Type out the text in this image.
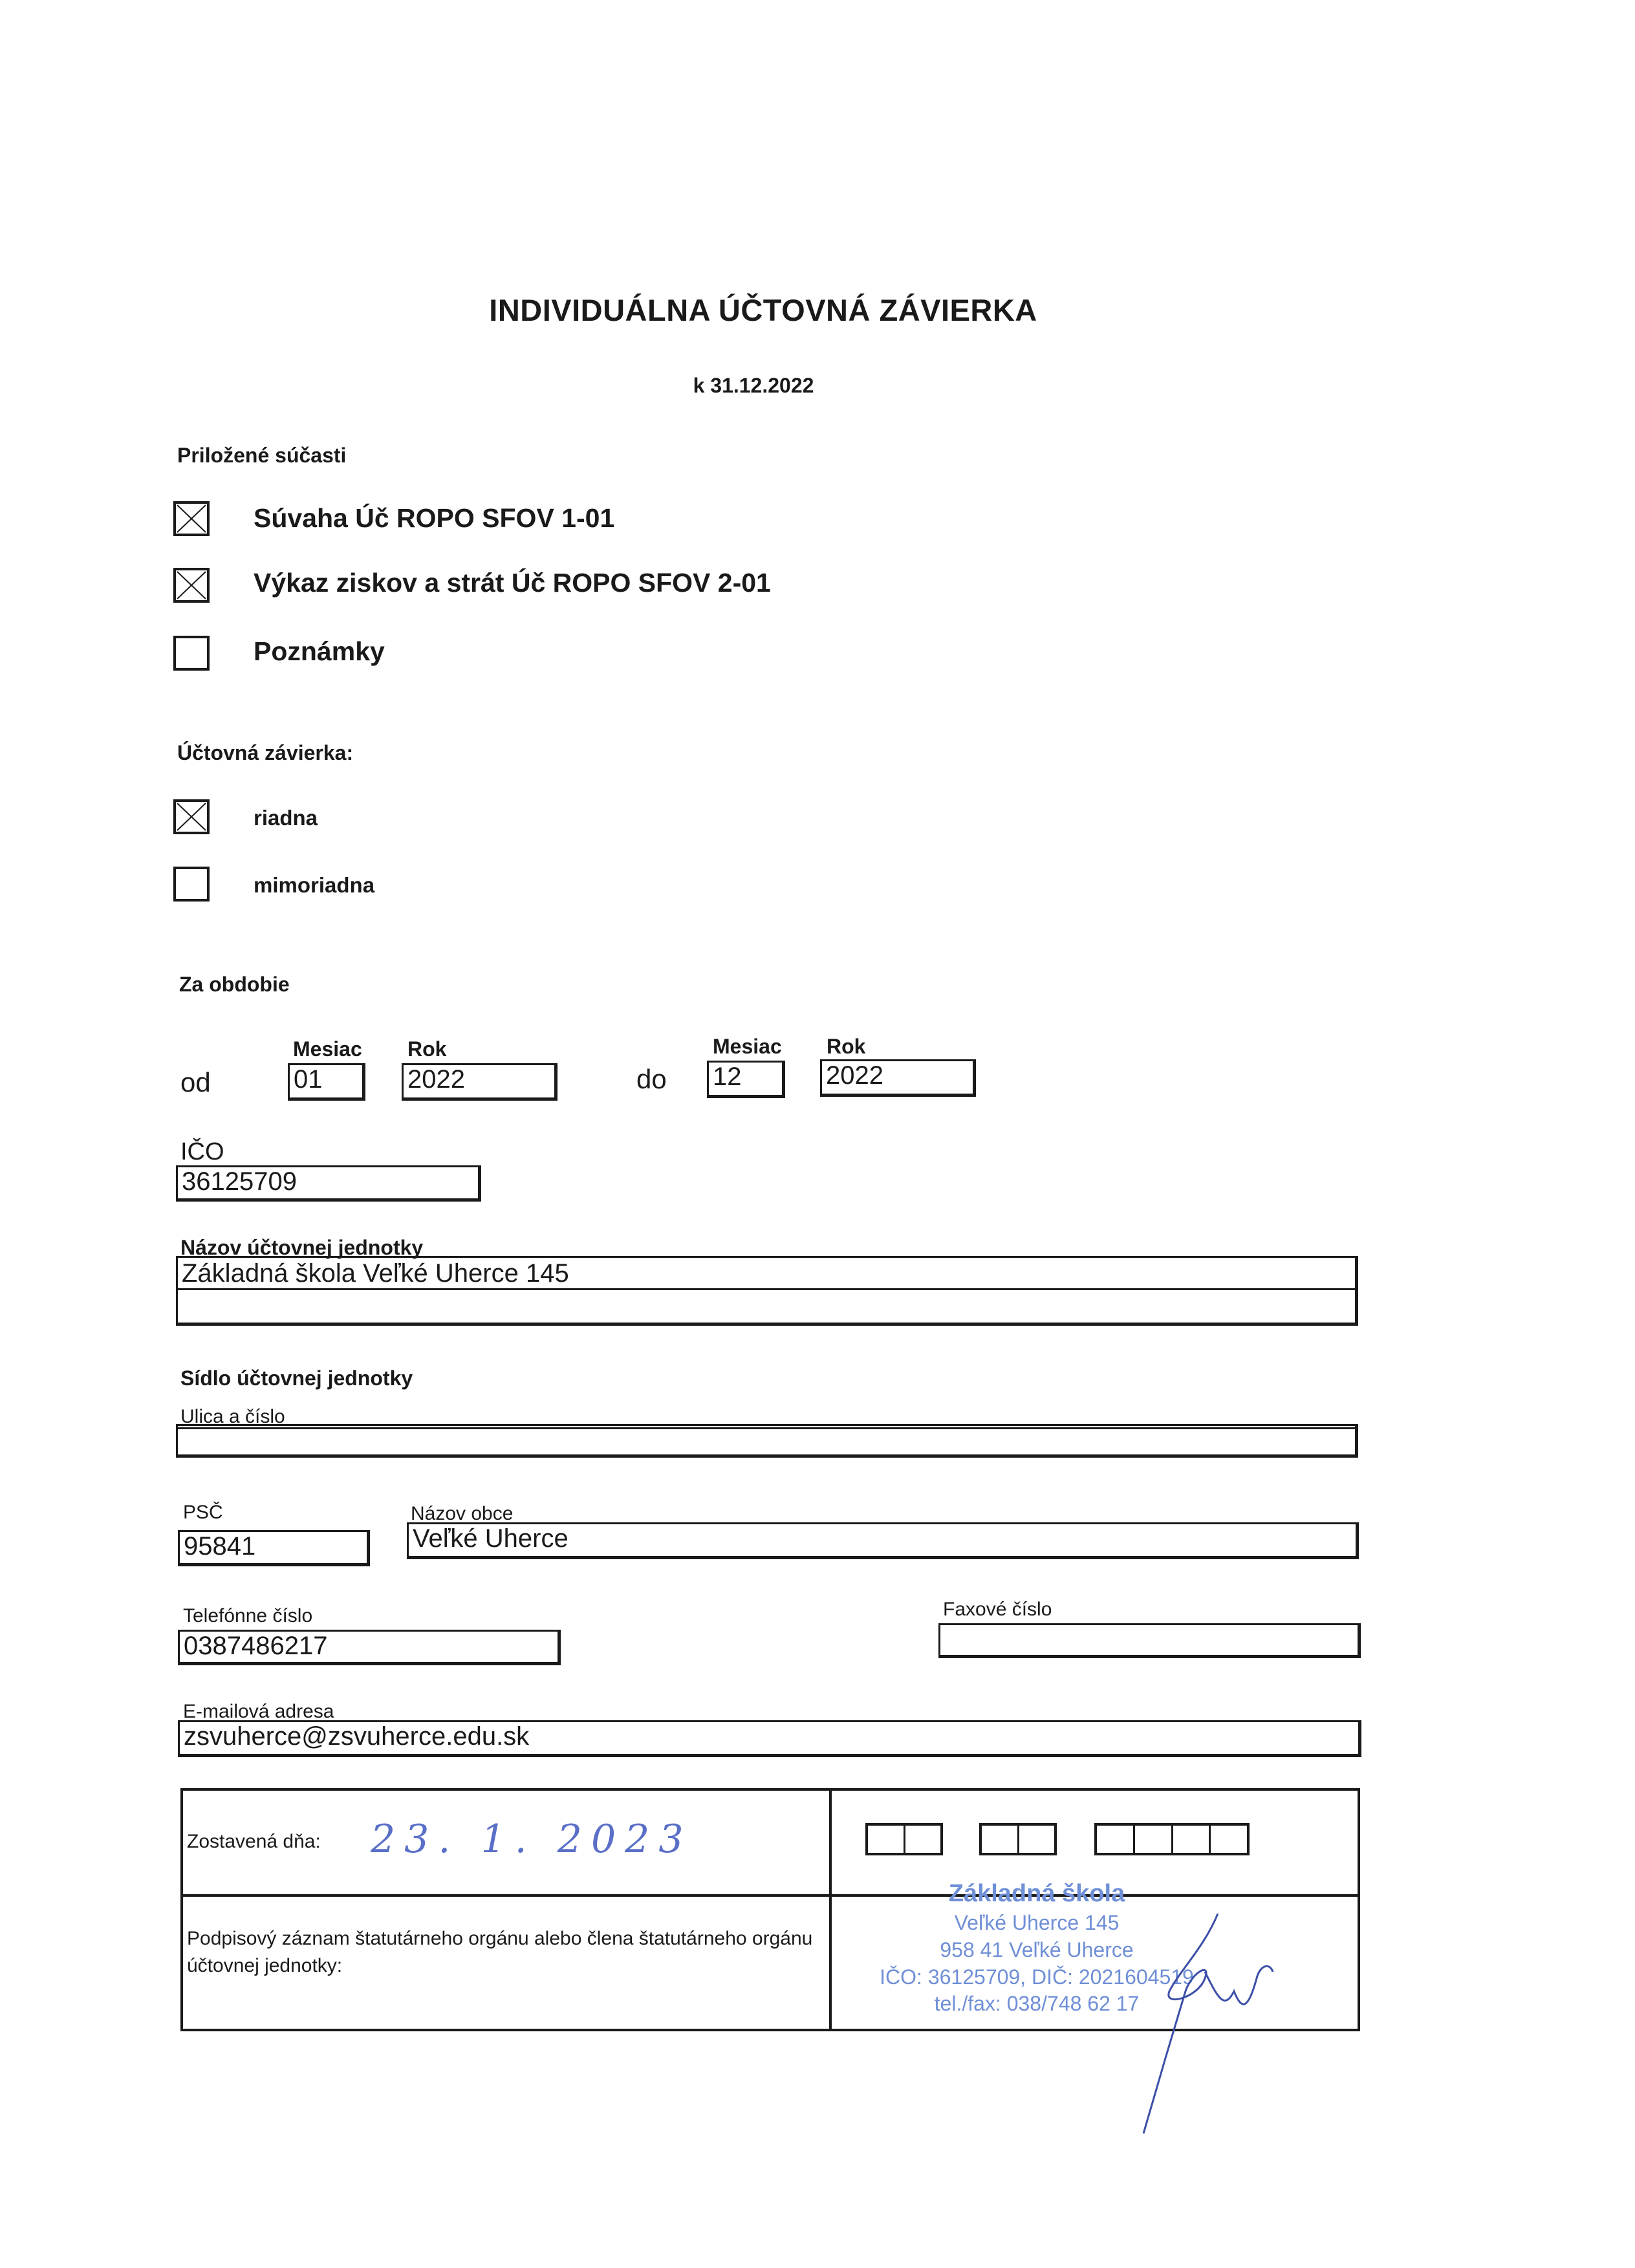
INDIVIDUÁLNA ÚČTOVNÁ ZÁVIERKA
k 31.12.2022
Priložené súčasti
Súvaha Úč ROPO SFOV 1-01
Výkaz ziskov a strát Úč ROPO SFOV 2-01
Poznámky
Účtovná závierka:
riadna
mimoriadna
Za obdobie
Mesiac Rok
od	01	2022
Mesiac Rok
do 12	2022
IČO
36125709
Názov účtovnej jednotky
Základná škola Veľké Uherce 145
Sídlo účtovnej jednotky
Ulica a číslo
PSČ
95841
Názov obce
Veľké Uherce
Telefónne číslo
0387486217
Faxové číslo
E-mailová adresa
zsvuherce@zsvuherce.edu.sk
Zostavená dňa: 23. 1. 2023
Podpisový záznam štatutárneho orgánu alebo člena štatutárneho orgánu účtovnej jednotky:
Základná škola
Veľké Uherce 145
958 41 Veľké Uherce
IČO: 36125709, DIČ: 2021604519
tel./fax: 038/748 62 17
